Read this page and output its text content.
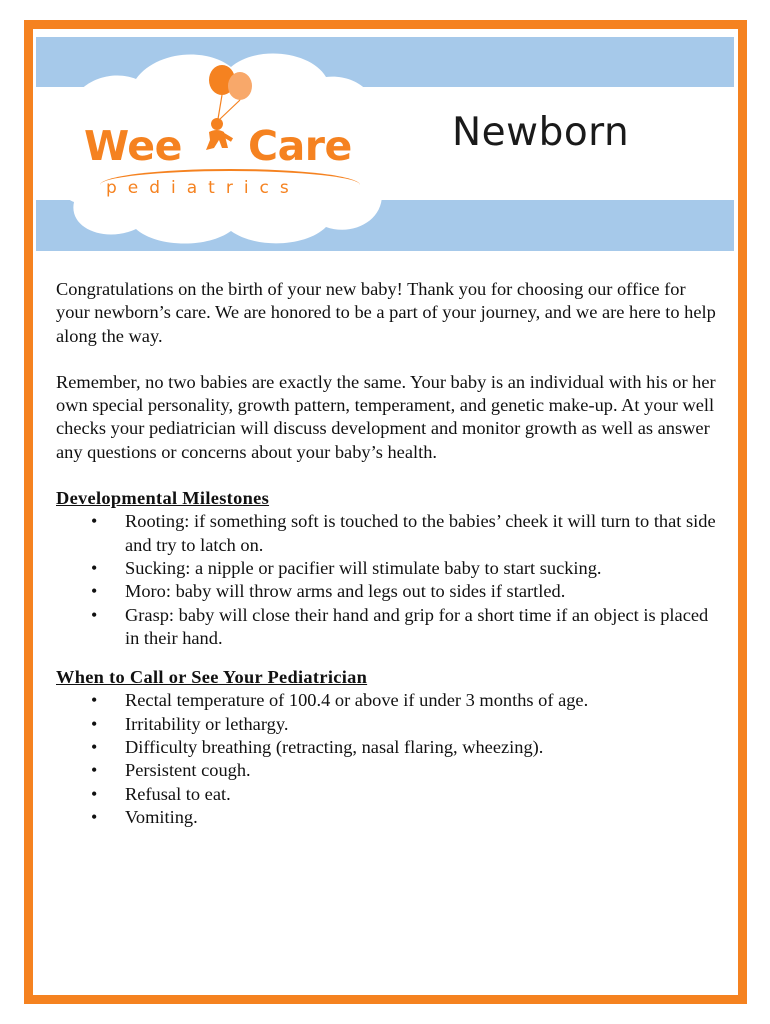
Newborn
Wee Care
pediatrics

Congratulations on the birth of your new baby! Thank you for choosing our office for your newborn’s care. We are honored to be a part of your journey, and we are here to help along the way.

Remember, no two babies are exactly the same. Your baby is an individual with his or her own special personality, growth pattern, temperament, and genetic make-up. At your well checks your pediatrician will discuss development and monitor growth as well as answer any questions or concerns about your baby’s health.

Developmental Milestones
• Rooting: if something soft is touched to the babies’ cheek it will turn to that side and try to latch on.
• Sucking: a nipple or pacifier will stimulate baby to start sucking.
• Moro: baby will throw arms and legs out to sides if startled.
• Grasp: baby will close their hand and grip for a short time if an object is placed in their hand.
When to Call or See Your Pediatrician
• Rectal temperature of 100.4 or above if under 3 months of age.
• Irritability or lethargy.
• Difficulty breathing (retracting, nasal flaring, wheezing).
• Persistent cough.
• Refusal to eat.
• Vomiting.
